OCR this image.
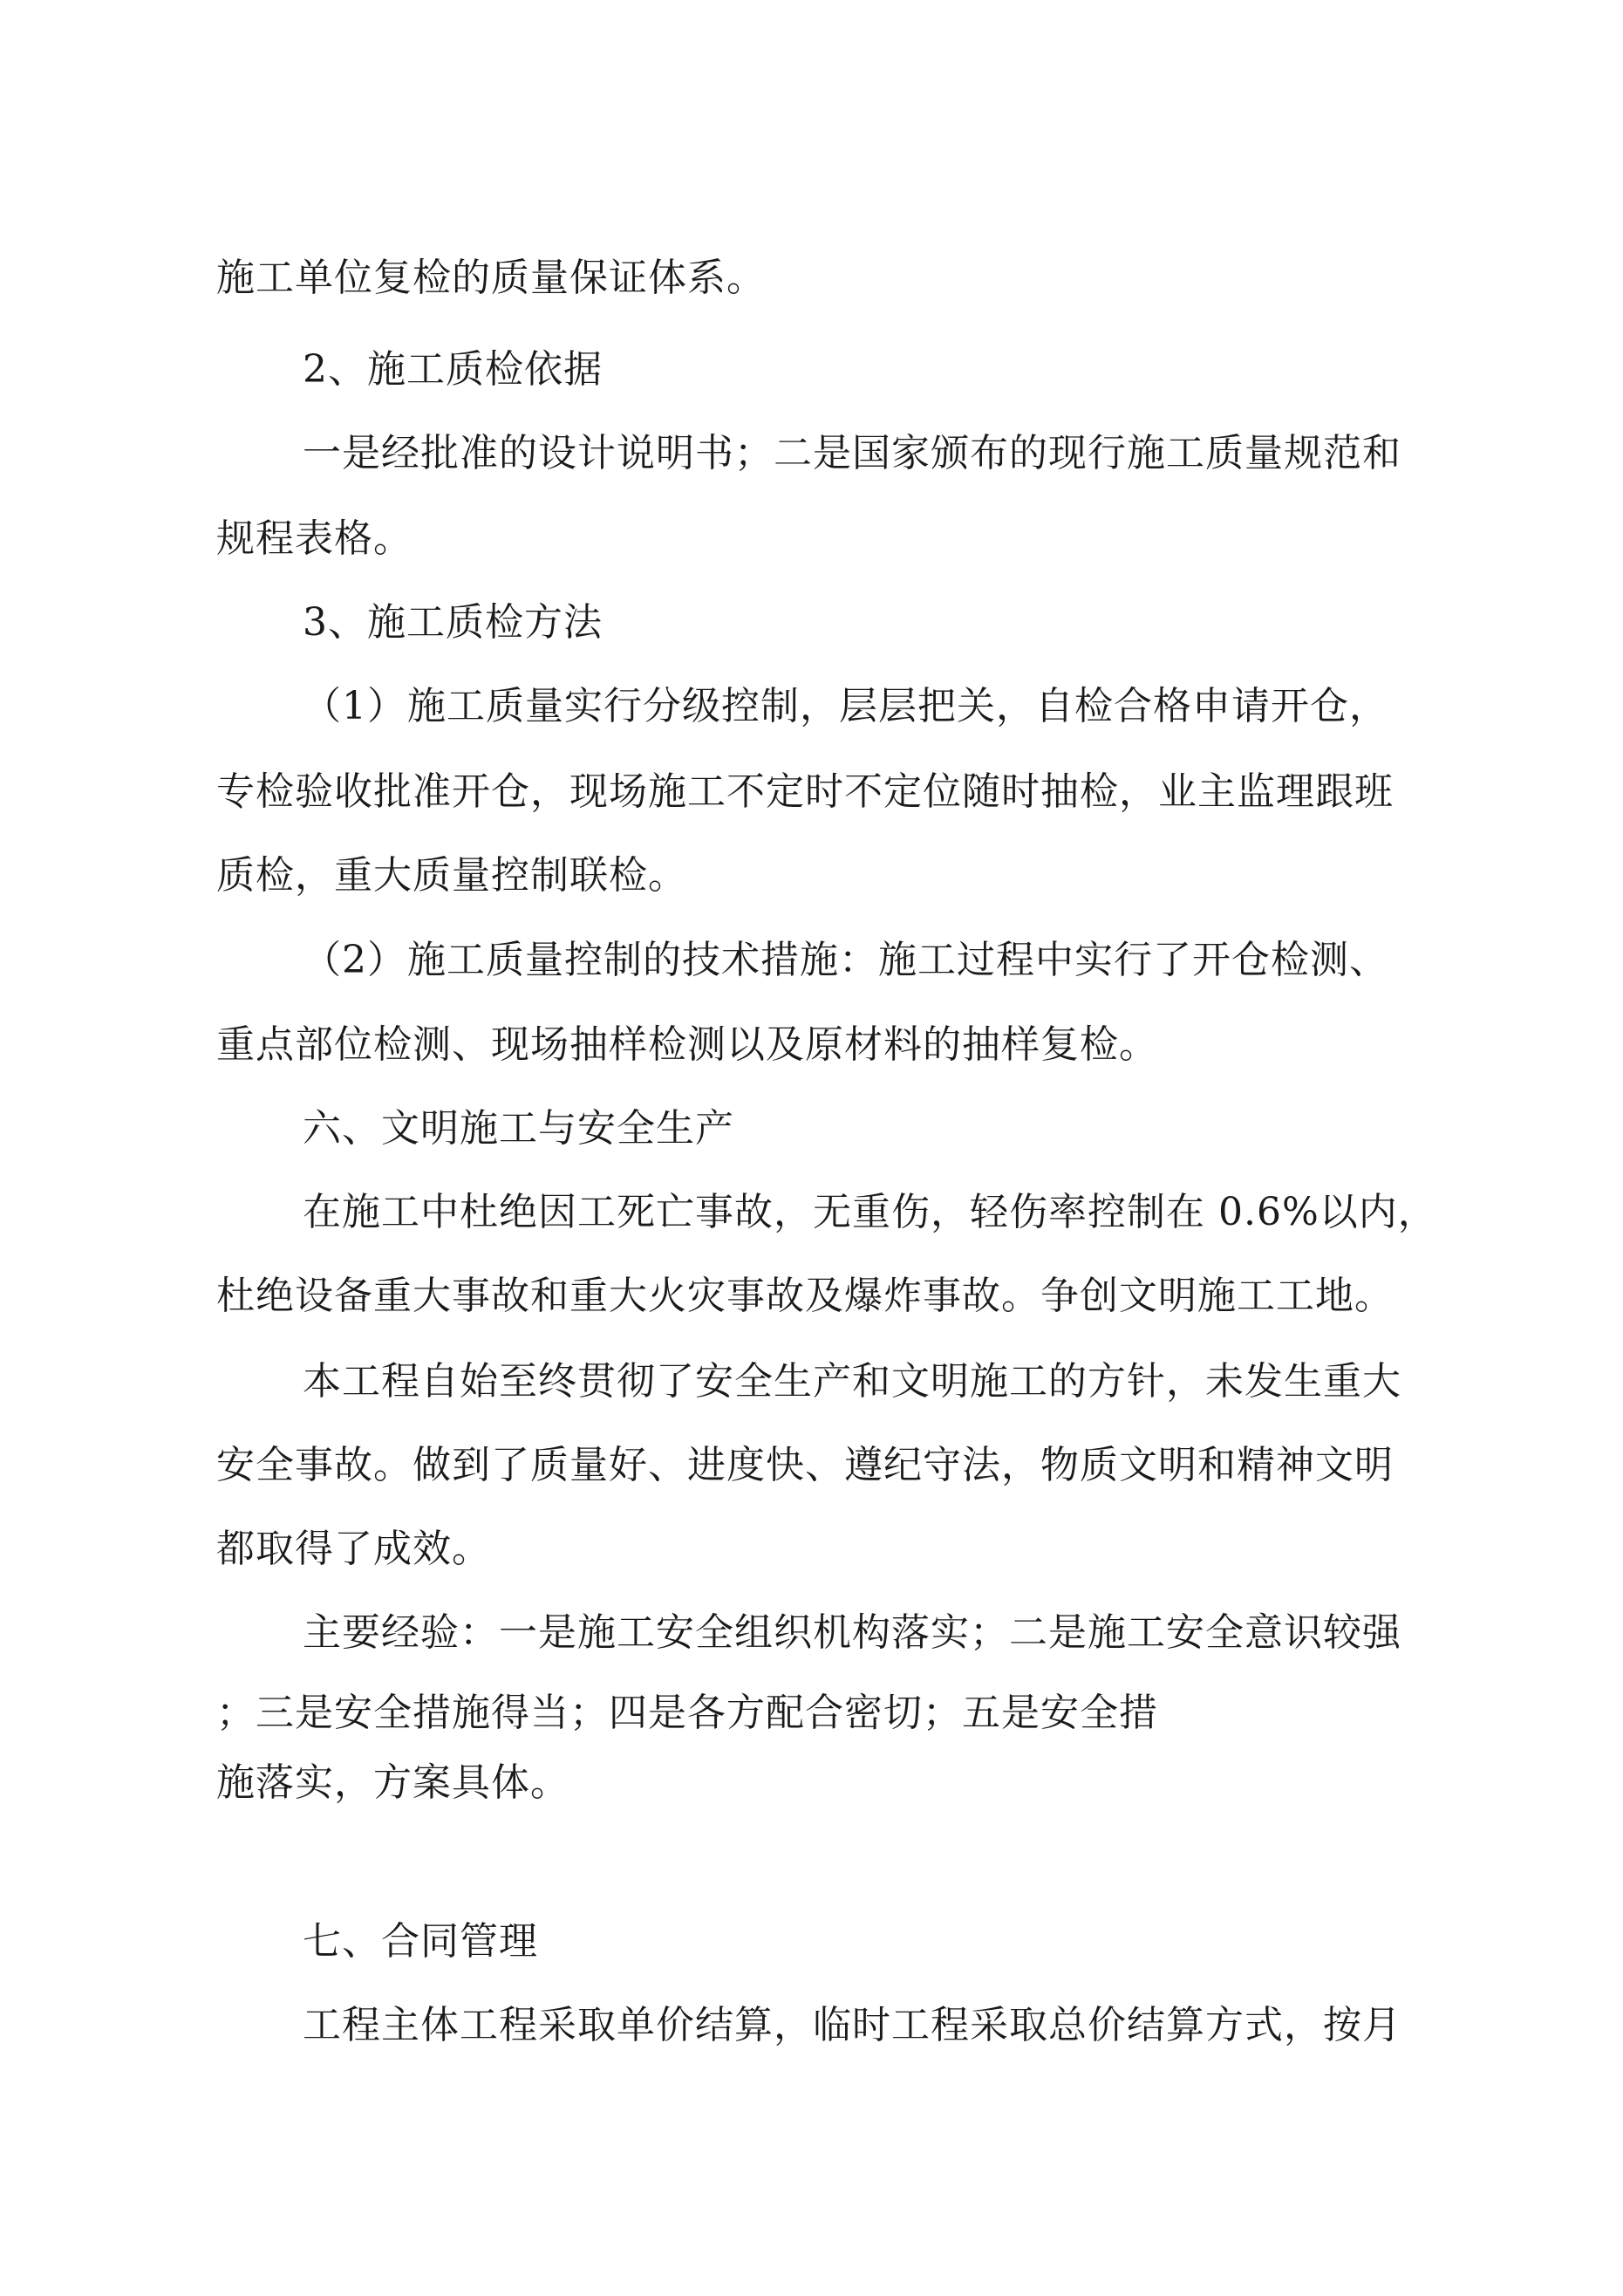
施工单位复检的质量保证体系。

2、施工质检依据

一是经批准的设计说明书；二是国家颁布的现行施工质量规范和

规程表格。

3、施工质检方法

（1）施工质量实行分级控制，层层把关，自检合格申请开仓，

专检验收批准开仓，现场施工不定时不定位随时抽检，业主监理跟班

质检，重大质量控制联检。

（2）施工质量控制的技术措施：施工过程中实行了开仓检测、

重点部位检测、现场抽样检测以及原材料的抽样复检。

六、文明施工与安全生产

在施工中杜绝因工死亡事故，无重伤，轻伤率控制在 0.6%以内，

杜绝设备重大事故和重大火灾事故及爆炸事故。争创文明施工工地。

本工程自始至终贯彻了安全生产和文明施工的方针，未发生重大

安全事故。做到了质量好、进度快、遵纪守法，物质文明和精神文明

都取得了成效。

主要经验：一是施工安全组织机构落实；二是施工安全意识较强

；三是安全措施得当；四是各方配合密切；五是安全措

施落实，方案具体。

七、合同管理

工程主体工程采取单价结算，临时工程采取总价结算方式，按月
